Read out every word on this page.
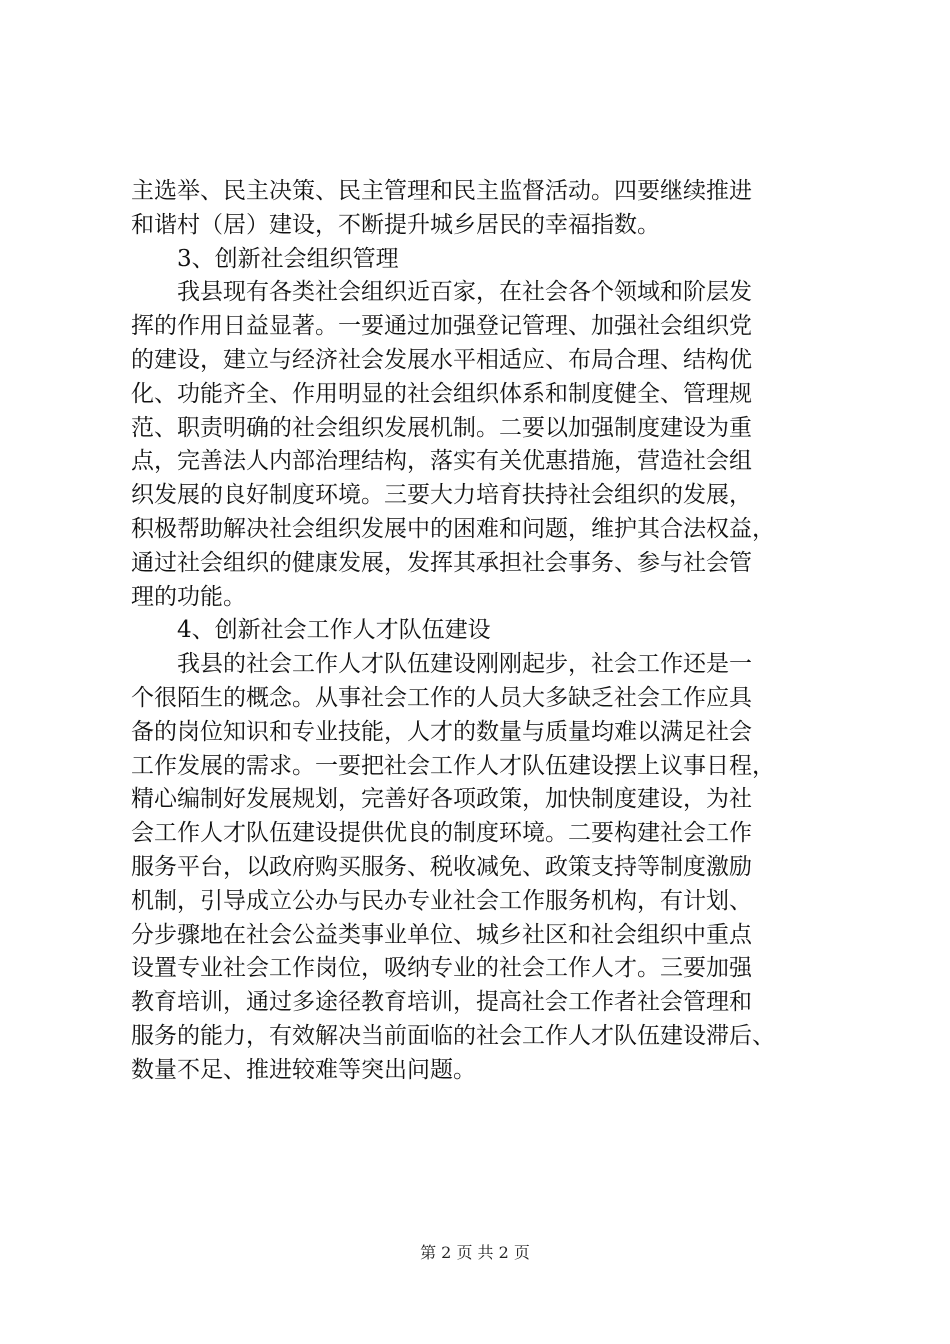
主选举、民主决策、民主管理和民主监督活动。四要继续推进
和谐村（居）建设，不断提升城乡居民的幸福指数。
　　3、创新社会组织管理
　　我县现有各类社会组织近百家，在社会各个领域和阶层发
挥的作用日益显著。一要通过加强登记管理、加强社会组织党
的建设，建立与经济社会发展水平相适应、布局合理、结构优
化、功能齐全、作用明显的社会组织体系和制度健全、管理规
范、职责明确的社会组织发展机制。二要以加强制度建设为重
点，完善法人内部治理结构，落实有关优惠措施，营造社会组
织发展的良好制度环境。三要大力培育扶持社会组织的发展，
积极帮助解决社会组织发展中的困难和问题，维护其合法权益，
通过社会组织的健康发展，发挥其承担社会事务、参与社会管
理的功能。
　　4、创新社会工作人才队伍建设
　　我县的社会工作人才队伍建设刚刚起步，社会工作还是一
个很陌生的概念。从事社会工作的人员大多缺乏社会工作应具
备的岗位知识和专业技能，人才的数量与质量均难以满足社会
工作发展的需求。一要把社会工作人才队伍建设摆上议事日程，
精心编制好发展规划，完善好各项政策，加快制度建设，为社
会工作人才队伍建设提供优良的制度环境。二要构建社会工作
服务平台，以政府购买服务、税收减免、政策支持等制度激励
机制，引导成立公办与民办专业社会工作服务机构，有计划、
分步骤地在社会公益类事业单位、城乡社区和社会组织中重点
设置专业社会工作岗位，吸纳专业的社会工作人才。三要加强
教育培训，通过多途径教育培训，提高社会工作者社会管理和
服务的能力，有效解决当前面临的社会工作人才队伍建设滞后、
数量不足、推进较难等突出问题。
第 2 页 共 2 页
